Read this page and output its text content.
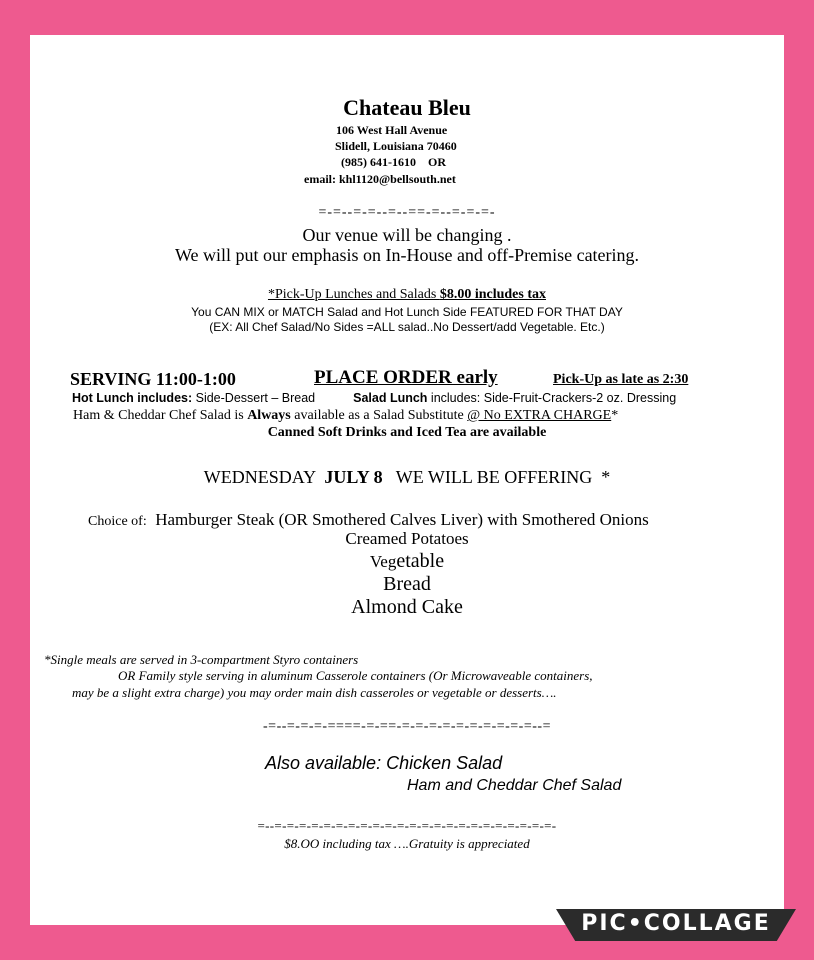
Chateau Bleu
106 West Hall Avenue
Slidell, Louisiana 70460
(985) 641-1610    OR
email: khl1120@bellsouth.net
=-=--=-=--=--==-=--=-=-=-
Our venue will be changing .
We will put our emphasis on In-House and off-Premise catering.
*Pick-Up Lunches and Salads $8.00 includes tax
You CAN MIX or MATCH Salad and Hot Lunch Side FEATURED FOR THAT DAY
(EX: All Chef Salad/No Sides =ALL salad..No Dessert/add Vegetable. Etc.)
SERVING 11:00-1:00	PLACE ORDER early	Pick-Up as late as 2:30
Hot Lunch includes: Side-Dessert – Bread	Salad Lunch includes: Side-Fruit-Crackers-2 oz. Dressing
Ham & Cheddar Chef Salad is Always available as a Salad Substitute @ No EXTRA CHARGE*
Canned Soft Drinks and Iced Tea are available
WEDNESDAY  JULY 8   WE WILL BE OFFERING  *
Choice of:  Hamburger Steak (OR Smothered Calves Liver) with Smothered Onions
Creamed Potatoes
Vegetable
Bread
Almond Cake
*Single meals are served in 3-compartment Styro containers
OR Family style serving in aluminum Casserole containers (Or Microwaveable containers,
may be a slight extra charge) you may order main dish casseroles or vegetable or desserts….
-=--=-=-=-====-=-==-=-=-=-=-=-=-=-=-=-=--=
Also available: Chicken Salad
Ham and Cheddar Chef Salad
=--=-=-=-=-=-=-=-=-=-=-=-=-=-=-=-=-=-=-=-=-=-=-=-
$8.OO including tax ….Gratuity is appreciated
PIC•COLLAGE
